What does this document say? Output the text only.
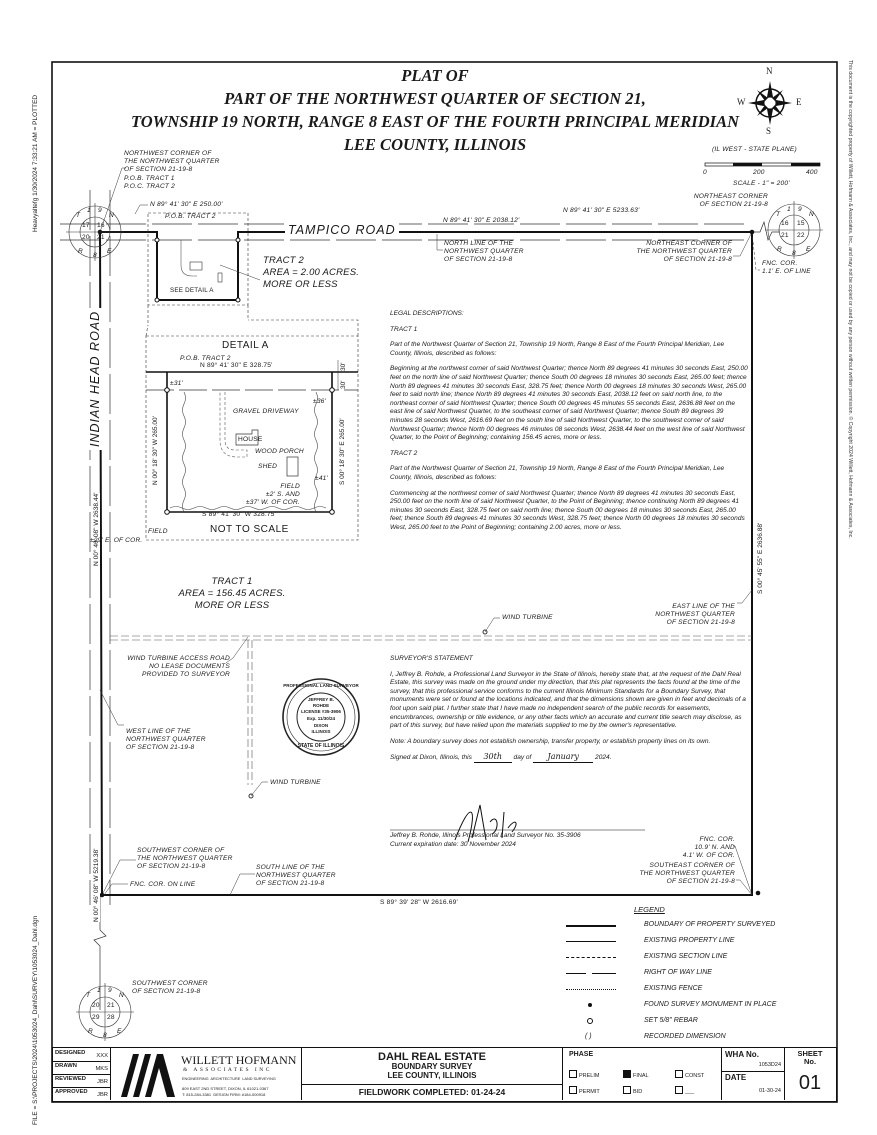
Heavyaltefg 1/30/2024 7:33:21 AM = PLOTTED
FILE = S:\PROJECTS\2024\1053024_Dahl\SURVEY\1053024_Dahl.dgn
This document is the copyrighted property of Willett, Hofmann & Associates, Inc., and may not be copied or used by any person without written permission. © Copyright 2024 Willett, Hofmann & Associates, Inc.
PLAT OF
PART OF THE NORTHWEST QUARTER OF SECTION 21,
TOWNSHIP 19 NORTH, RANGE 8 EAST OF THE FOURTH PRINCIPAL MERIDIAN
LEE COUNTY, ILLINOIS
N
S
W	E
(IL WEST - STATE PLANE)
0	200	400
SCALE - 1" = 200'
17 16
20 21
T
1 9
N
R
8
E
16 15
21 22
1 9
N
T
R
8
E
20 21
29 28
T
1 9
N
R
8
E
NORTHWEST CORNER OF
THE NORTHWEST QUARTER
OF SECTION 21-19-8
P.O.B. TRACT 1
P.O.C. TRACT 2
N 89° 41' 30" E 250.00'
P.O.B. TRACT 2
TAMPICO ROAD
INDIAN HEAD ROAD
N 89° 41' 30" E 2038.12'
N 89° 41' 30" E 5233.63'
NORTHEAST CORNER
OF SECTION 21-19-8
NORTH LINE OF THE
NORTHWEST QUARTER
OF SECTION 21-19-8
NORTHEAST CORNER OF
THE NORTHWEST QUARTER
OF SECTION 21-19-8
FNC. COR.
1.1' E. OF LINE
TRACT 2
AREA = 2.00 ACRES.
MORE OR LESS
SEE DETAIL A
TRACT 1
AREA = 156.45 ACRES.
MORE OR LESS
N 00° 46' 08" W 2638.44'
N 00° 46' 08" W 5219.38'
S 00° 45' 55" E 2636.88'
S 89° 39' 28" W 2616.69'
WIND TURBINE
WIND TURBINE
WIND TURBINE ACCESS ROAD
NO LEASE DOCUMENTS
PROVIDED TO SURVEYOR
WEST LINE OF THE
NORTHWEST QUARTER
OF SECTION 21-19-8
EAST LINE OF THE
NORTHWEST QUARTER
OF SECTION 21-19-8
FNC. COR.
10.9' N. AND
4.1' W. OF COR.
SOUTHEAST CORNER OF
THE NORTHWEST QUARTER
OF SECTION 21-19-8
SOUTHWEST CORNER OF
THE NORTHWEST QUARTER
OF SECTION 21-19-8
FNC. COR. ON LINE
SOUTH LINE OF THE
NORTHWEST QUARTER
OF SECTION 21-19-8
SOUTHWEST CORNER
OF SECTION 21-19-8
DETAIL A
P.O.B. TRACT 2
N 89° 41' 30" E 328.75'	30'
30'
±31'
±36'
GRAVEL DRIVEWAY
HOUSE
WOOD PORCH
SHED
±41'
FIELD
±2' S. AND
±37' W. OF COR.
N 00° 18' 30" W 265.00'	S 00° 18' 30" E 265.00'
S 89° 41' 30" W 328.75'
NOT TO SCALE
FIELD
±29' E. OF COR.
PROFESSIONAL LAND SURVEYOR
JEFFREY B.
ROHDE
LICENSE #35-3906
Exp. 11/30/24
DIXON
ILLINOIS
STATE OF ILLINOIS

LEGAL DESCRIPTIONS:

TRACT 1

Part of the Northwest Quarter of Section 21, Township 19 North, Range 8 East of the Fourth Principal Meridian, Lee County, Illinois, described as follows:

Beginning at the northwest corner of said Northwest Quarter; thence North 89 degrees 41 minutes 30 seconds East, 250.00 feet on the north line of said Northwest Quarter; thence South 00 degrees 18 minutes 30 seconds East, 265.00 feet; thence North 89 degrees 41 minutes 30 seconds East, 328.75 feet; thence North 00 degrees 18 minutes 30 seconds West, 265.00 feet to said north line; thence North 89 degrees 41 minutes 30 seconds East, 2038.12 feet on said north line, to the northeast corner of said Northwest Quarter; thence South 00 degrees 45 minutes 55 seconds East, 2636.88 feet on the east line of said Northwest Quarter, to the southeast corner of said Northwest Quarter; thence South 89 degrees 39 minutes 28 seconds West, 2616.69 feet on the south line of said Northwest Quarter, to the southwest corner of said Northwest Quarter; thence North 00 degrees 46 minutes 08 seconds West, 2638.44 feet on the west line of said Northwest Quarter, to the Point of Beginning; containing 156.45 acres, more or less.

TRACT 2

Part of the Northwest Quarter of Section 21, Township 19 North, Range 8 East of the Fourth Principal Meridian, Lee County, Illinois, described as follows:

Commencing at the northwest corner of said Northwest Quarter; thence North 89 degrees 41 minutes 30 seconds East, 250.00 feet on the north line of said Northwest Quarter, to the Point of Beginning; thence continuing North 89 degrees 41 minutes 30 seconds East, 328.75 feet on said north line; thence South 00 degrees 18 minutes 30 seconds East, 265.00 feet; thence South 89 degrees 41 minutes 30 seconds West, 328.75 feet; thence North 00 degrees 18 minutes 30 seconds West, 265.00 feet to the Point of Beginning; containing 2.00 acres, more or less.

SURVEYOR'S STATEMENT

I, Jeffrey B. Rohde, a Professional Land Surveyor in the State of Illinois, hereby state that, at the request of the Dahl Real Estate, this survey was made on the ground under my direction, that this plat represents the facts found at the time of the survey, that this professional service conforms to the current Illinois Minimum Standards for a Boundary Survey, that monuments were set or found at the locations indicated, and that the dimensions shown are given in feet and decimals of a foot upon said plat. I further state that I have made no independent search of the public records for easements, encumbrances, ownership or title evidence, or any other facts which an accurate and current title search may disclose, as part of this survey, but have relied upon the materials supplied to me by the owner's representative.

Note: A boundary survey does not establish ownership, transfer property, or establish property lines on its own.

Signed at Dixon, Illinois, this 30th day of January 2024.

Jeffrey B. Rohde, Illinois Professional Land Surveyor No. 35-3906
Current expiration date: 30 November 2024
LEGEND
BOUNDARY OF PROPERTY SURVEYED
EXISTING PROPERTY LINE
EXISTING SECTION LINE
RIGHT OF WAY LINE
EXISTING FENCE
FOUND SURVEY MONUMENT IN PLACE
SET 5/8" REBAR
( )	RECORDED DIMENSION
DESIGNED XXX
DRAWN	MKS
REVIEWED JBR
APPROVED JBR
WILLETT HOFMANN
& ASSOCIATES INC
ENGINEERING  ARCHITECTURE  LAND SURVEYING
809 EAST 2ND STREET, DIXON, IL 61021-0367
T: 815-284-3381  DESIGN FIRM: #184-000918
DAHL REAL ESTATE
BOUNDARY SURVEY
LEE COUNTY, ILLINOIS
FIELDWORK COMPLETED: 01-24-24
PHASE
PRELIM	FINAL	CONST
PERMIT	BID	___
WHA No.
1053D24
DATE
01-30-24
SHEET
No.
01
